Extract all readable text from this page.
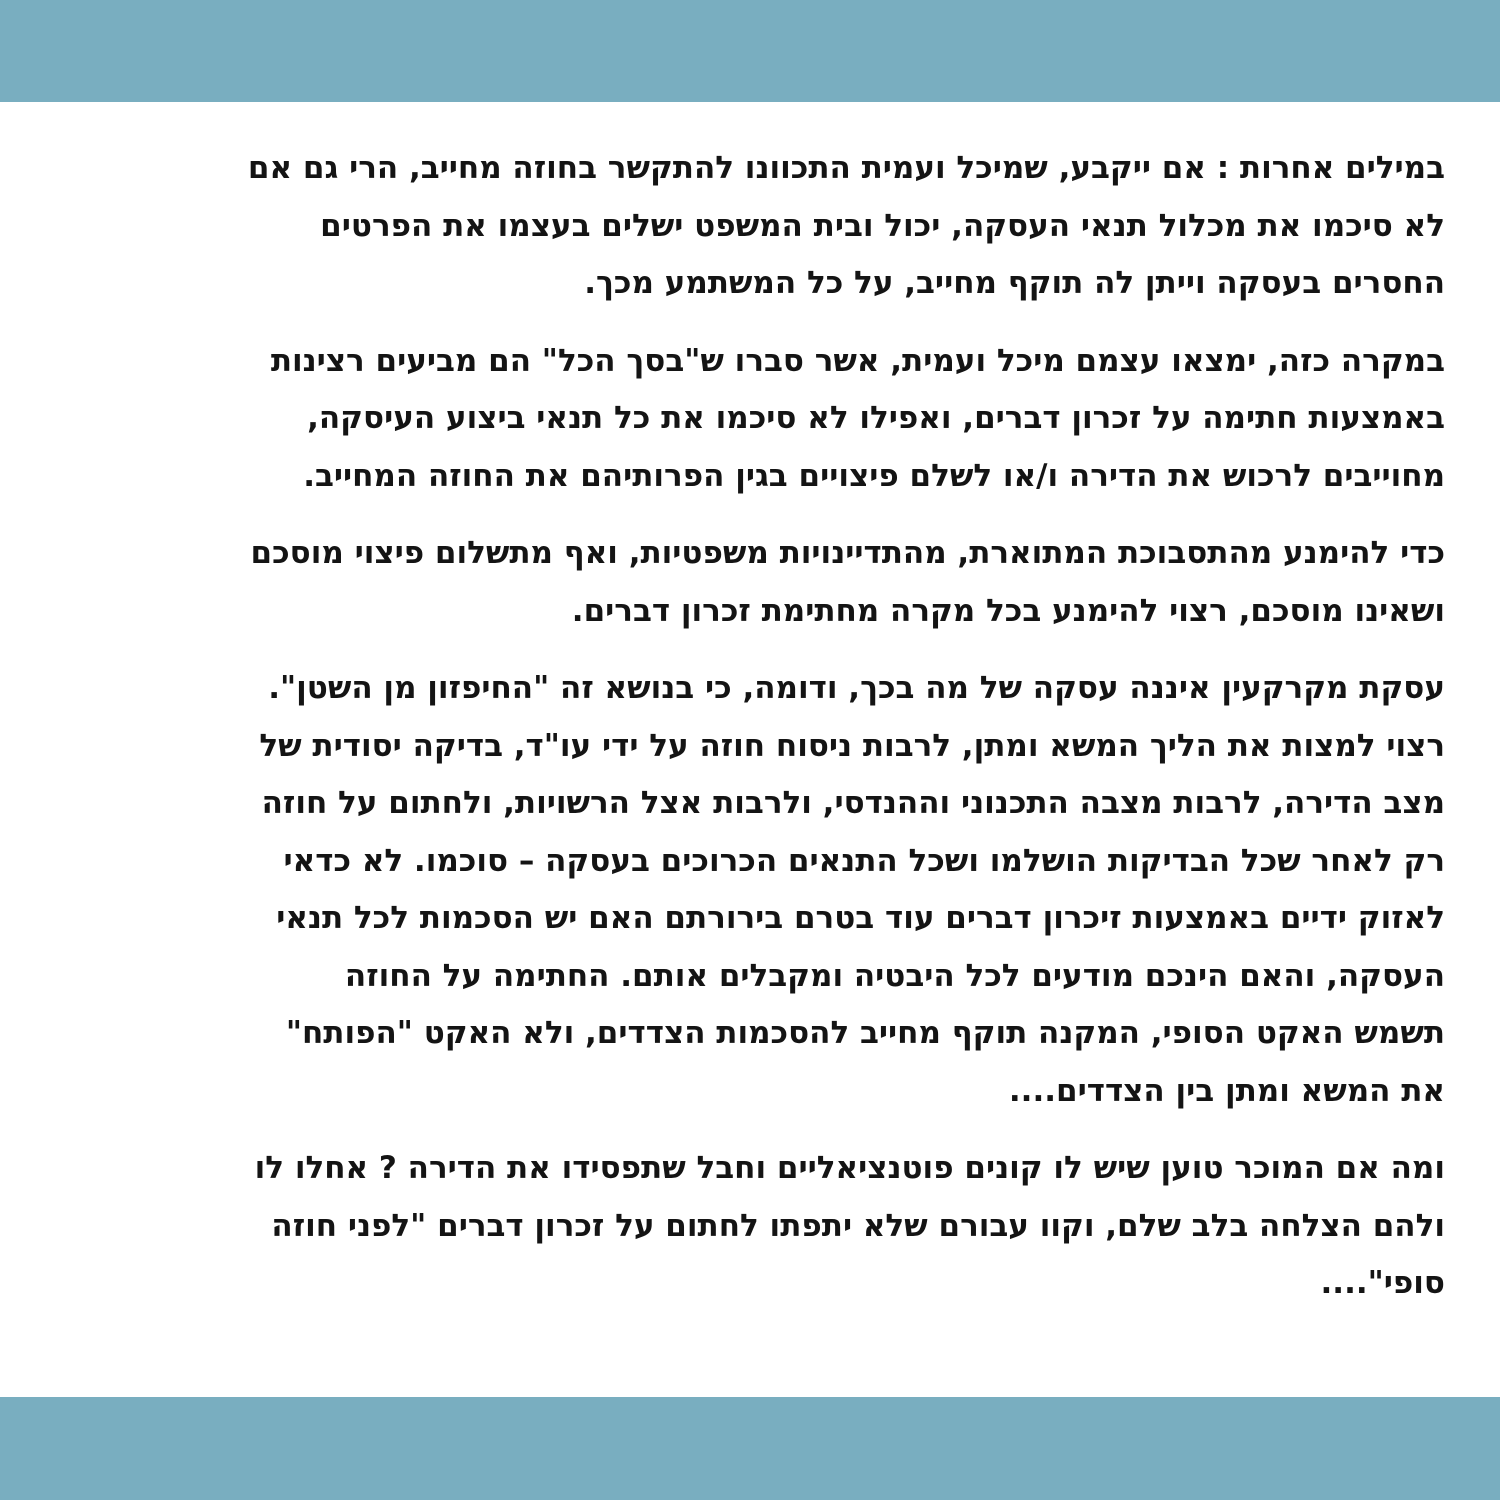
במילים אחרות : אם ייקבע, שמיכל ועמית התכוונו להתקשר בחוזה מחייב, הרי גם אם
לא סיכמו את מכלול תנאי העסקה, יכול ובית המשפט ישלים בעצמו את הפרטים
החסרים בעסקה וייתן לה תוקף מחייב, על כל המשתמע מכך.

במקרה כזה, ימצאו עצמם מיכל ועמית, אשר סברו ש"בסך הכל" הם מביעים רצינות
באמצעות חתימה על זכרון דברים, ואפילו לא סיכמו את כל תנאי ביצוע העיסקה,
מחוייבים לרכוש את הדירה ו/או לשלם פיצויים בגין הפרותיהם את החוזה המחייב.

כדי להימנע מהתסבוכת המתוארת, מהתדיינויות משפטיות, ואף מתשלום פיצוי מוסכם
ושאינו מוסכם, רצוי להימנע בכל מקרה מחתימת זכרון דברים.

עסקת מקרקעין איננה עסקה של מה בכך, ודומה, כי בנושא זה "החיפזון מן השטן".
רצוי למצות את הליך המשא ומתן, לרבות ניסוח חוזה על ידי עו"ד, בדיקה יסודית של
מצב הדירה, לרבות מצבה התכנוני וההנדסי, ולרבות אצל הרשויות, ולחתום על חוזה
רק לאחר שכל הבדיקות הושלמו ושכל התנאים הכרוכים בעסקה – סוכמו. לא כדאי
לאזוק ידיים באמצעות זיכרון דברים עוד בטרם בירורתם האם יש הסכמות לכל תנאי
העסקה, והאם הינכם מודעים לכל היבטיה ומקבלים אותם. החתימה על החוזה
תשמש האקט הסופי, המקנה תוקף מחייב להסכמות הצדדים, ולא האקט "הפותח"
את המשא ומתן בין הצדדים....

ומה אם המוכר טוען שיש לו קונים פוטנציאליים וחבל שתפסידו את הדירה ? אחלו לו
ולהם הצלחה בלב שלם, וקוו עבורם שלא יתפתו לחתום על זכרון דברים "לפני חוזה
סופי"....
